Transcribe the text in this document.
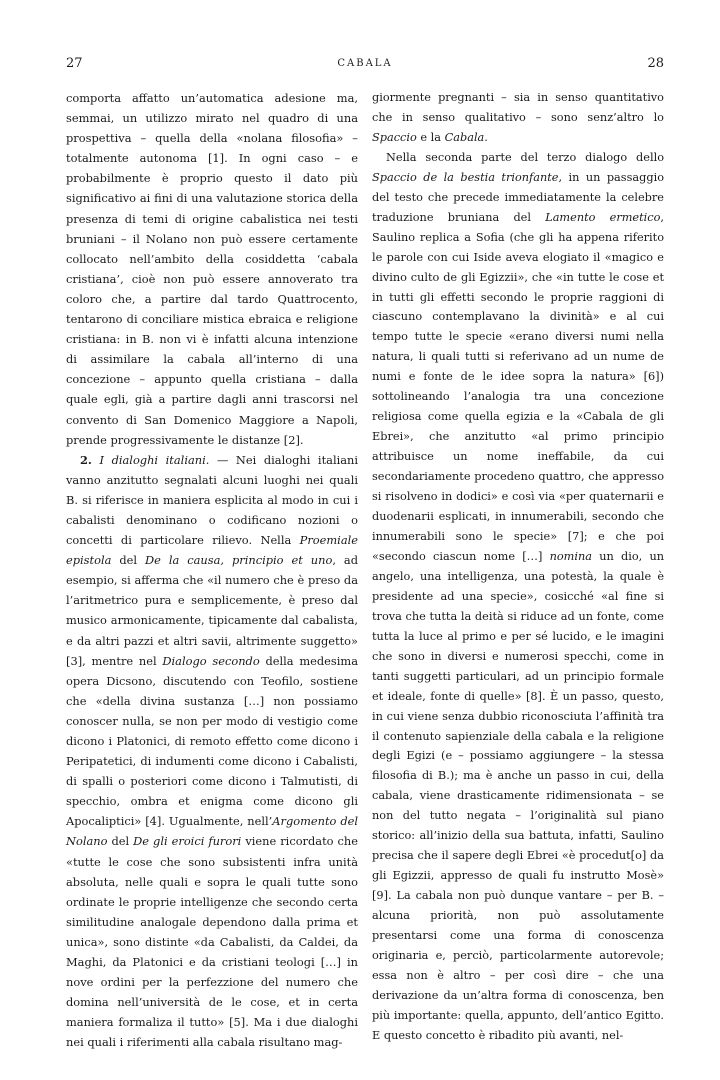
27	CABALA	28

comporta affatto un’automatica adesione ma, semmai, un utilizzo mirato nel quadro di una prospettiva – quella della «nolana filosofia» – totalmente autonoma [1]. In ogni caso – e probabilmente è proprio questo il dato più significativo ai fini di una valutazione storica della presenza di temi di origine cabalistica nei testi bruniani – il Nolano non può essere certamente collocato nell’ambito della cosiddetta ‘cabala cristiana’, cioè non può essere annoverato tra coloro che, a partire dal tardo Quattrocento, tentarono di conciliare mistica ebraica e religione cristiana: in B. non vi è infatti alcuna intenzione di assimilare la cabala all’interno di una concezione – appunto quella cristiana – dalla quale egli, già a partire dagli anni trascorsi nel convento di San Domenico Maggiore a Napoli, prende progressivamente le distanze [2].

2. I dialoghi italiani. — Nei dialoghi italiani vanno anzitutto segnalati alcuni luoghi nei quali B. si riferisce in maniera esplicita al modo in cui i cabalisti denominano o codificano nozioni o concetti di particolare rilievo. Nella Proemiale epistola del De la causa, principio et uno, ad esempio, si afferma che «il numero che è preso da l’aritmetrico pura e semplicemente, è preso dal musico armonicamente, tipicamente dal cabalista, e da altri pazzi et altri savii, altrimente suggetto» [3], mentre nel Dialogo secondo della medesima opera Dicsono, discutendo con Teofilo, sostiene che «della divina sustanza […] non possiamo conoscer nulla, se non per modo di vestigio come dicono i Platonici, di remoto effetto come dicono i Peripatetici, di indumenti come dicono i Cabalisti, di spalli o posteriori come dicono i Talmutisti, di specchio, ombra et enigma come dicono gli Apocaliptici» [4]. Ugualmente, nell’Argomento del Nolano del De gli eroici furori viene ricordato che «tutte le cose che sono subsistenti infra unità absoluta, nelle quali e sopra le quali tutte sono ordinate le proprie intelligenze che secondo certa similitudine analogale dependono dalla prima et unica», sono distinte «da Cabalisti, da Caldei, da Maghi, da Platonici e da cristiani teologi […] in nove ordini per la perfezzione del numero che domina nell’università de le cose, et in certa maniera formaliza il tutto» [5]. Ma i due dialoghi nei quali i riferimenti alla cabala risultano mag-

giormente pregnanti – sia in senso quantitativo che in senso qualitativo – sono senz’altro lo Spaccio e la Cabala.

Nella seconda parte del terzo dialogo dello Spaccio de la bestia trionfante, in un passaggio del testo che precede immediatamente la celebre traduzione bruniana del Lamento ermetico, Saulino replica a Sofia (che gli ha appena riferito le parole con cui Iside aveva elogiato il «magico e divino culto de gli Egizzii», che «in tutte le cose et in tutti gli effetti secondo le proprie raggioni di ciascuno contemplavano la divinità» e al cui tempo tutte le specie «erano diversi numi nella natura, li quali tutti si referivano ad un nume de numi e fonte de le idee sopra la natura» [6]) sottolineando l’analogia tra una concezione religiosa come quella egizia e la «Cabala de gli Ebrei», che anzitutto «al primo principio attribuisce un nome ineffabile, da cui secondariamente procedeno quattro, che appresso si risolveno in dodici» e così via «per quaternarii e duodenarii esplicati, in innumerabili, secondo che innumerabili sono le specie» [7]; e che poi «secondo ciascun nome […] nomina un dio, un angelo, una intelligenza, una potestà, la quale è presidente ad una specie», cosicché «al fine si trova che tutta la deità si riduce ad un fonte, come tutta la luce al primo e per sé lucido, e le imagini che sono in diversi e numerosi specchi, come in tanti suggetti particulari, ad un principio formale et ideale, fonte di quelle» [8]. È un passo, questo, in cui viene senza dubbio riconosciuta l’affinità tra il contenuto sapienziale della cabala e la religione degli Egizi (e – possiamo aggiungere – la stessa filosofia di B.); ma è anche un passo in cui, della cabala, viene drasticamente ridimensionata – se non del tutto negata – l’originalità sul piano storico: all’inizio della sua battuta, infatti, Saulino precisa che il sapere degli Ebrei «è procedut[o] da gli Egizzii, appresso de quali fu instrutto Mosè» [9]. La cabala non può dunque vantare – per B. – alcuna priorità, non può assolutamente presentarsi come una forma di conoscenza originaria e, perciò, particolarmente autorevole; essa non è altro – per così dire – che una derivazione da un’altra forma di conoscenza, ben più importante: quella, appunto, dell’antico Egitto. E questo concetto è ribadito più avanti, nel-
